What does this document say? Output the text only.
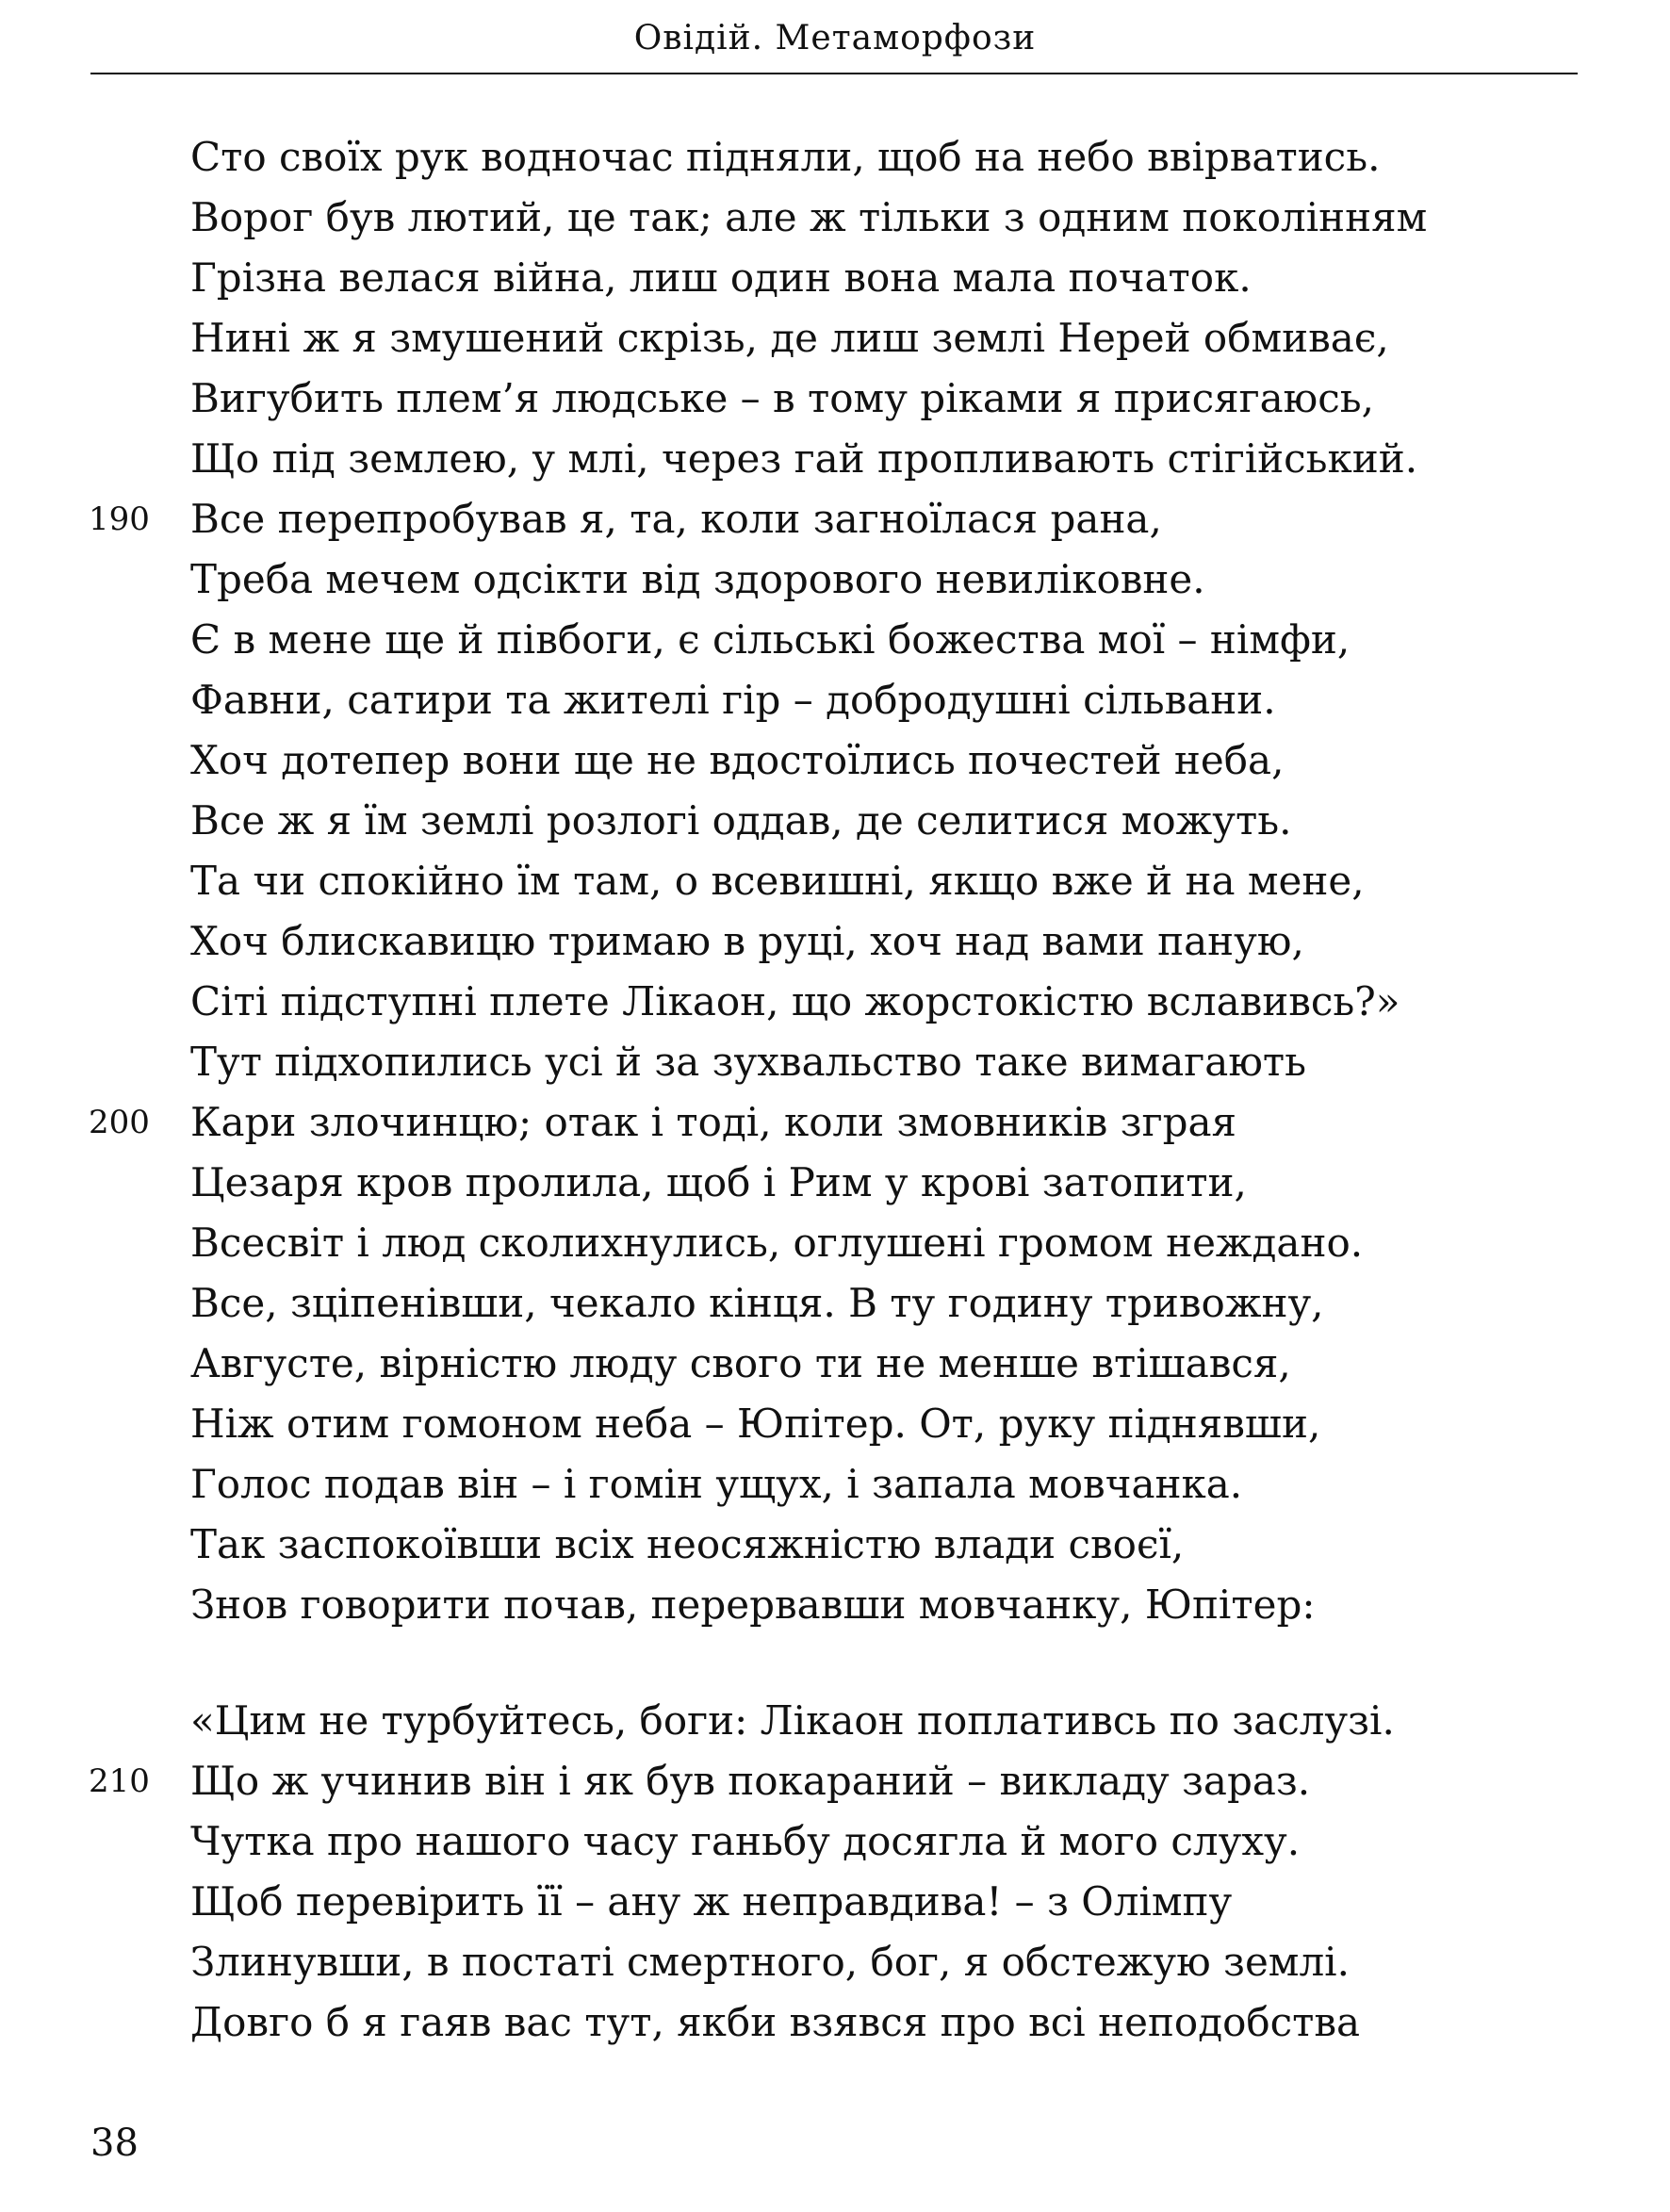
Овідій. Метаморфози
Сто своїх рук водночас підняли, щоб на небо ввірватись.
Ворог був лютий, це так; але ж тільки з одним поколінням
Грізна велася війна, лиш один вона мала початок.
Нині ж я змушений скрізь, де лиш землі Нерей обмиває,
Вигубить плем’я людське – в тому ріками я присягаюсь,
Що під землею, у млі, через гай пропливають стігійський.
190 Все перепробував я, та, коли загноїлася рана,
Треба мечем одсікти від здорового невиліковне.
Є в мене ще й півбоги, є сільські божества мої – німфи,
Фавни, сатири та жителі гір – добродушні сільвани.
Хоч дотепер вони ще не вдостоїлись почестей неба,
Все ж я їм землі розлогі оддав, де селитися можуть.
Та чи спокійно їм там, о всевишні, якщо вже й на мене,
Хоч блискавицю тримаю в руці, хоч над вами паную,
Сіті підступні плете Лікаон, що жорстокістю вславивсь?»
Тут підхопились усі й за зухвальство таке вимагають
200 Кари злочинцю; отак і тоді, коли змовників зграя
Цезаря кров пролила, щоб і Рим у крові затопити,
Всесвіт і люд сколихнулись, оглушені громом неждано.
Все, зціпенівши, чекало кінця. В ту годину тривожну,
Августе, вірністю люду свого ти не менше втішався,
Ніж отим гомоном неба – Юпітер. От, руку піднявши,
Голос подав він – і гомін ущух, і запала мовчанка.
Так заспокоївши всіх неосяжністю влади своєї,
Знов говорити почав, перервавши мовчанку, Юпітер:
«Цим не турбуйтесь, боги: Лікаон поплативсь по заслузі.
210 Що ж учинив він і як був покараний – викладу зараз.
Чутка про нашого часу ганьбу досягла й мого слуху.
Щоб перевірить її – ану ж неправдива! – з Олімпу
Злинувши, в постаті смертного, бог, я обстежую землі.
Довго б я гаяв вас тут, якби взявся про всі неподобства
38
